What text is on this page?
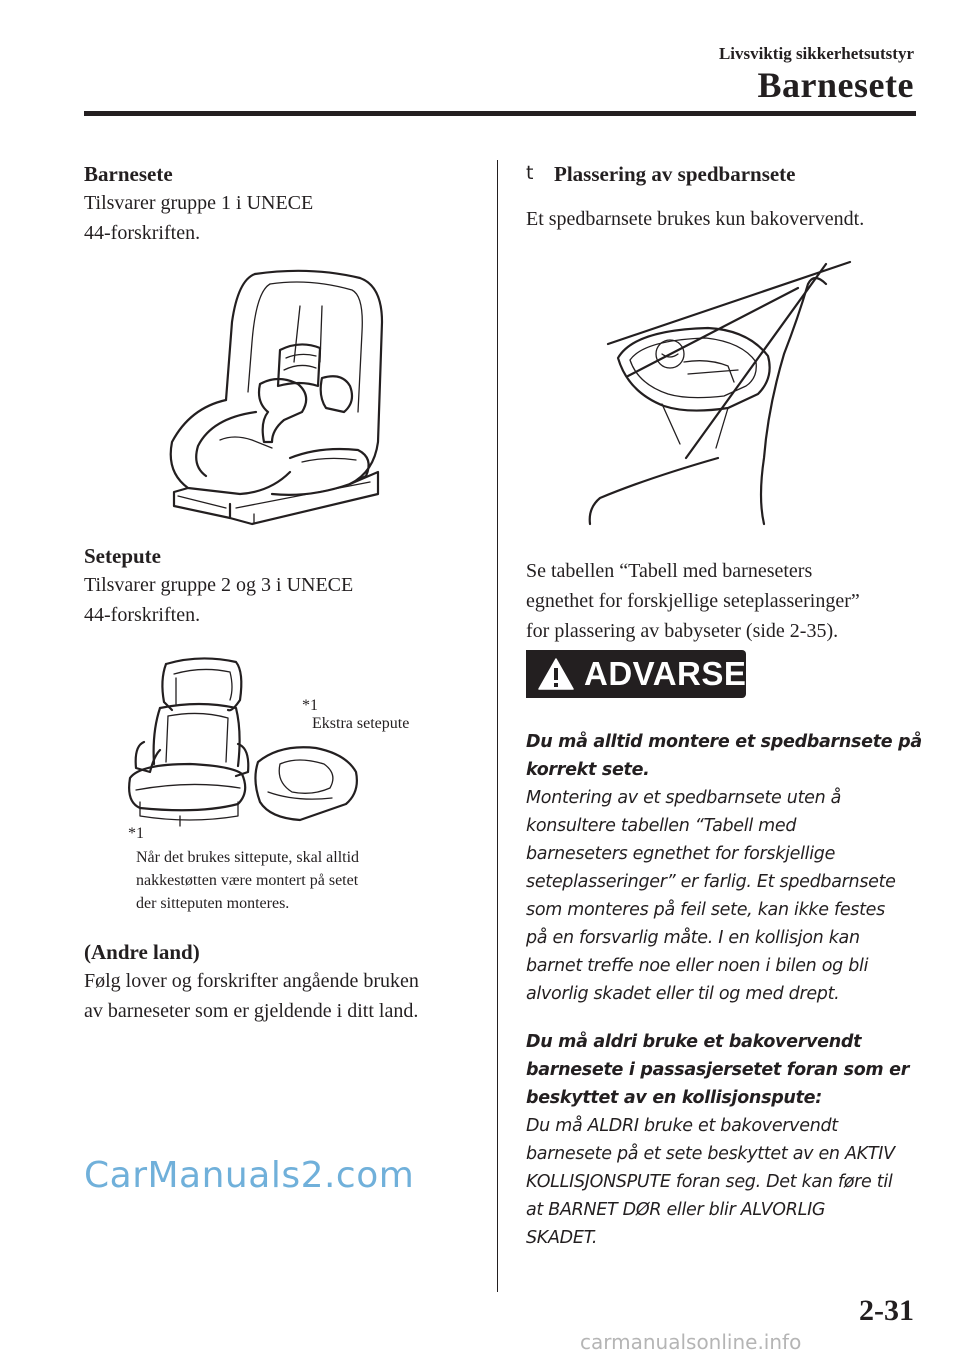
Livsviktig sikkerhetsutstyr
Barnesete
Barnesete
Tilsvarer gruppe 1 i UNECE
44-forskriften.
Setepute
Tilsvarer gruppe 2 og 3 i UNECE
44-forskriften.
*1
Ekstra setepute
*1
Når det brukes sittepute, skal alltid
nakkestøtten være montert på setet
der sitteputen monteres.
(Andre land)
Følg lover og forskrifter angående bruken
av barneseter som er gjeldende i ditt land.
t Plassering av spedbarnsete
Et spedbarnsete brukes kun bakovervendt.
Se tabellen “Tabell med barneseters
egnethet for forskjellige seteplasseringer”
for plassering av babyseter (side 2-35).
ADVARSEL
Du må alltid montere et spedbarnsete på
korrekt sete.
Montering av et spedbarnsete uten å
konsultere tabellen “Tabell med
barneseters egnethet for forskjellige
seteplasseringer” er farlig. Et spedbarnsete
som monteres på feil sete, kan ikke festes
på en forsvarlig måte. I en kollisjon kan
barnet treffe noe eller noen i bilen og bli
alvorlig skadet eller til og med drept.
Du må aldri bruke et bakovervendt
barnesete i passasjersetet foran som er
beskyttet av en kollisjonspute:
Du må ALDRI bruke et bakovervendt
barnesete på et sete beskyttet av en AKTIV
KOLLISJONSPUTE foran seg. Det kan føre til
at BARNET DØR eller blir ALVORLIG
SKADET.
CarManuals2.com
2-31
carmanualsonline.info
